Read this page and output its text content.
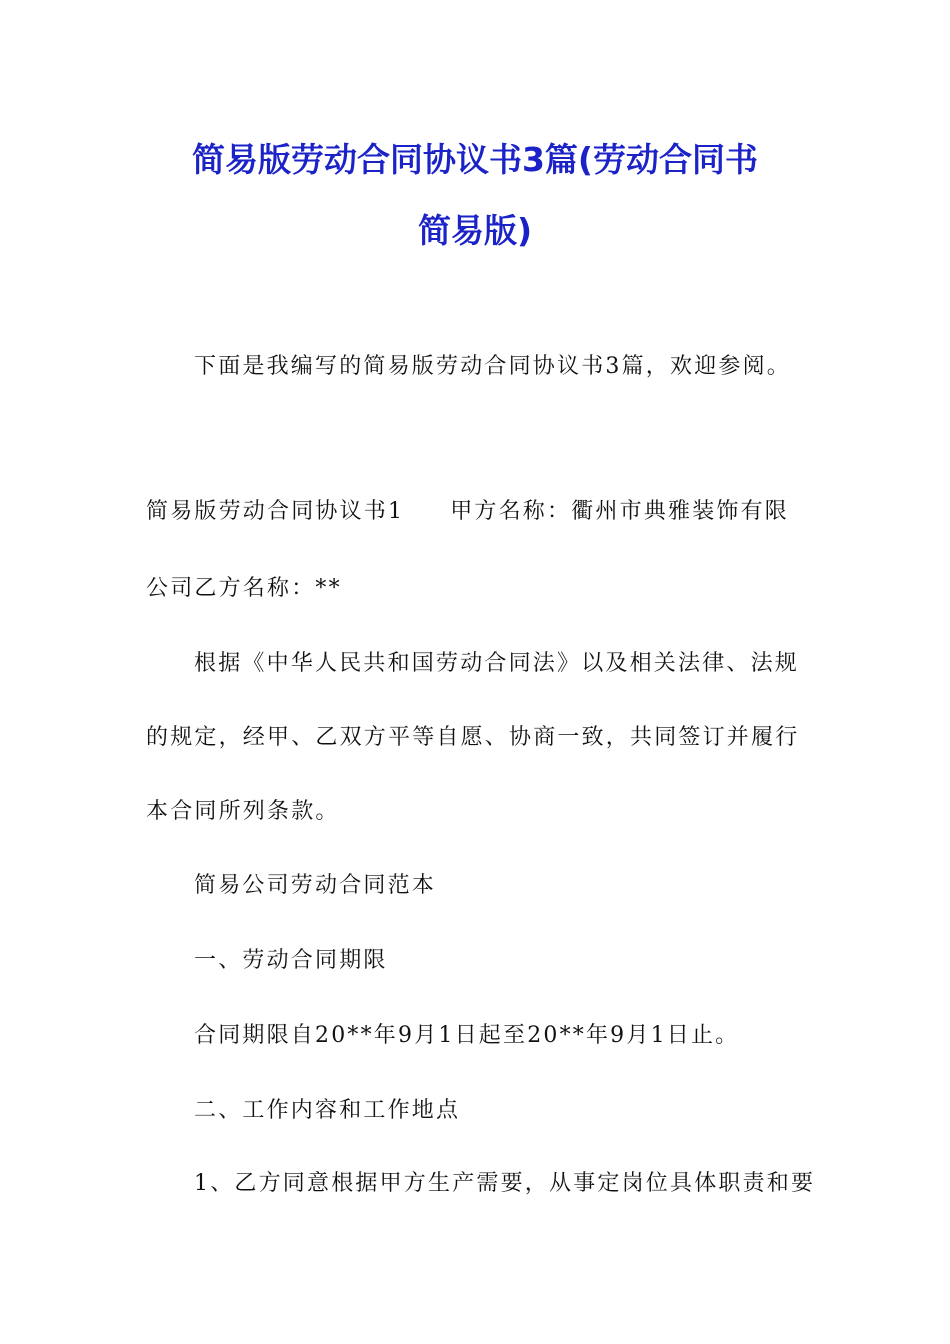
简易版劳动合同协议书3篇(劳动合同书
简易版)
下面是我编写的简易版劳动合同协议书3篇，欢迎参阅。
简易版劳动合同协议书1 甲方名称：衢州市典雅装饰有限
公司乙方名称：**
根据《中华人民共和国劳动合同法》以及相关法律、法规
的规定，经甲、乙双方平等自愿、协商一致，共同签订并履行
本合同所列条款。
简易公司劳动合同范本
一、劳动合同期限
合同期限自20**年9月1日起至20**年9月1日止。
二、工作内容和工作地点
1、乙方同意根据甲方生产需要，从事定岗位具体职责和要
